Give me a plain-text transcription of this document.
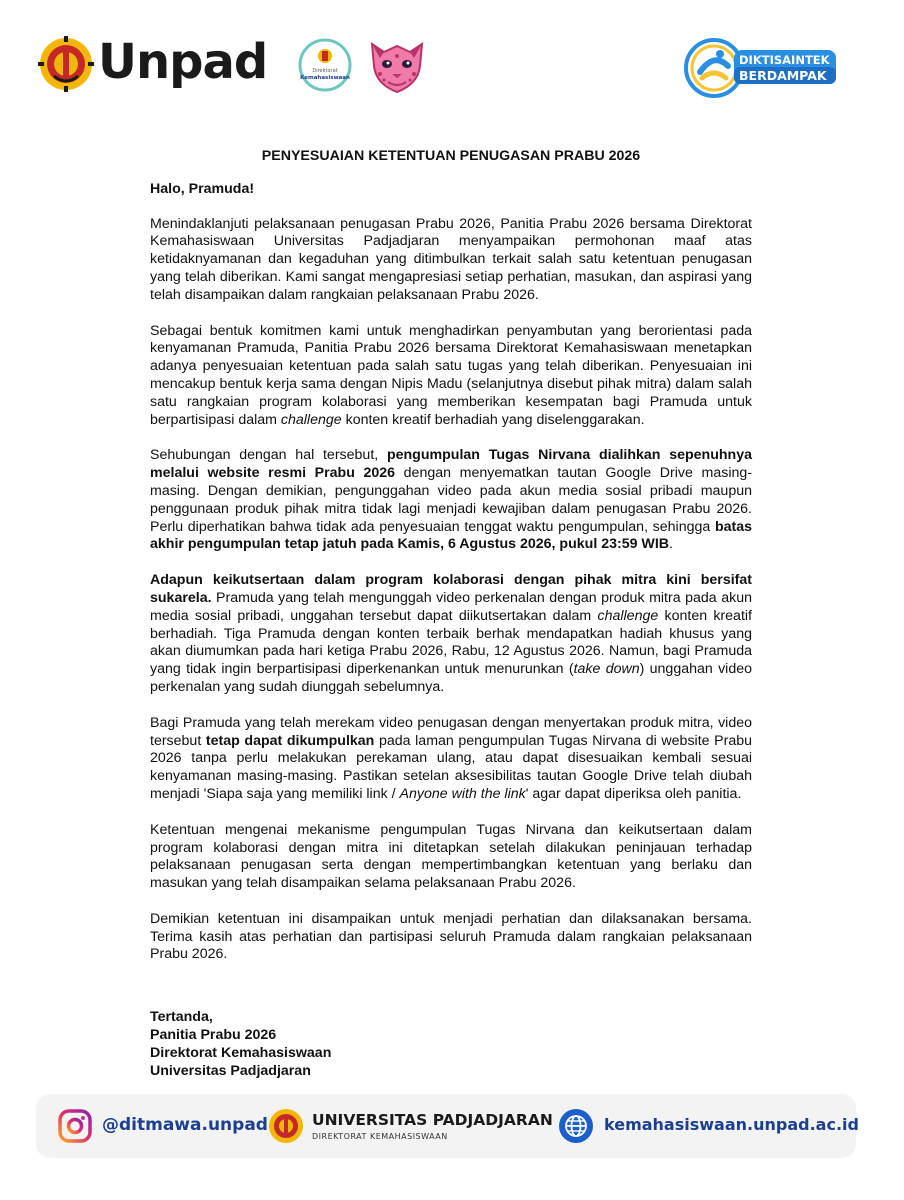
Unpad	Direktorat
Kemahasiswaan
DIKTISAINTEK
BERDAMPAK
PENYESUAIAN KETENTUAN PENUGASAN PRABU 2026
Halo, Pramuda!

Menindaklanjuti pelaksanaan penugasan Prabu 2026, Panitia Prabu 2026 bersama Direktorat Kemahasiswaan Universitas Padjadjaran menyampaikan permohonan maaf atas ketidaknyamanan dan kegaduhan yang ditimbulkan terkait salah satu ketentuan penugasan yang telah diberikan. Kami sangat mengapresiasi setiap perhatian, masukan, dan aspirasi yang telah disampaikan dalam rangkaian pelaksanaan Prabu 2026.

Sebagai bentuk komitmen kami untuk menghadirkan penyambutan yang berorientasi pada kenyamanan Pramuda, Panitia Prabu 2026 bersama Direktorat Kemahasiswaan menetapkan adanya penyesuaian ketentuan pada salah satu tugas yang telah diberikan. Penyesuaian ini mencakup bentuk kerja sama dengan Nipis Madu (selanjutnya disebut pihak mitra) dalam salah satu rangkaian program kolaborasi yang memberikan kesempatan bagi Pramuda untuk berpartisipasi dalam challenge konten kreatif berhadiah yang diselenggarakan.

Sehubungan dengan hal tersebut, pengumpulan Tugas Nirvana dialihkan sepenuhnya melalui website resmi Prabu 2026 dengan menyematkan tautan Google Drive masing-masing. Dengan demikian, pengunggahan video pada akun media sosial pribadi maupun penggunaan produk pihak mitra tidak lagi menjadi kewajiban dalam penugasan Prabu 2026. Perlu diperhatikan bahwa tidak ada penyesuaian tenggat waktu pengumpulan, sehingga batas akhir pengumpulan tetap jatuh pada Kamis, 6 Agustus 2026, pukul 23:59 WIB.

Adapun keikutsertaan dalam program kolaborasi dengan pihak mitra kini bersifat sukarela. Pramuda yang telah mengunggah video perkenalan dengan produk mitra pada akun media sosial pribadi, unggahan tersebut dapat diikutsertakan dalam challenge konten kreatif berhadiah. Tiga Pramuda dengan konten terbaik berhak mendapatkan hadiah khusus yang akan diumumkan pada hari ketiga Prabu 2026, Rabu, 12 Agustus 2026. Namun, bagi Pramuda yang tidak ingin berpartisipasi diperkenankan untuk menurunkan (take down) unggahan video perkenalan yang sudah diunggah sebelumnya.

Bagi Pramuda yang telah merekam video penugasan dengan menyertakan produk mitra, video tersebut tetap dapat dikumpulkan pada laman pengumpulan Tugas Nirvana di website Prabu 2026 tanpa perlu melakukan perekaman ulang, atau dapat disesuaikan kembali sesuai kenyamanan masing-masing. Pastikan setelan aksesibilitas tautan Google Drive telah diubah menjadi 'Siapa saja yang memiliki link / Anyone with the link' agar dapat diperiksa oleh panitia.

Ketentuan mengenai mekanisme pengumpulan Tugas Nirvana dan keikutsertaan dalam program kolaborasi dengan mitra ini ditetapkan setelah dilakukan peninjauan terhadap pelaksanaan penugasan serta dengan mempertimbangkan ketentuan yang berlaku dan masukan yang telah disampaikan selama pelaksanaan Prabu 2026.

Demikian ketentuan ini disampaikan untuk menjadi perhatian dan dilaksanakan bersama. Terima kasih atas perhatian dan partisipasi seluruh Pramuda dalam rangkaian pelaksanaan Prabu 2026.

Tertanda,
Panitia Prabu 2026
Direktorat Kemahasiswaan
Universitas Padjadjaran
@ditmawa.unpad	UNIVERSITAS PADJADJARAN
DIREKTORAT KEMAHASISWAAN
kemahasiswaan.unpad.ac.id
